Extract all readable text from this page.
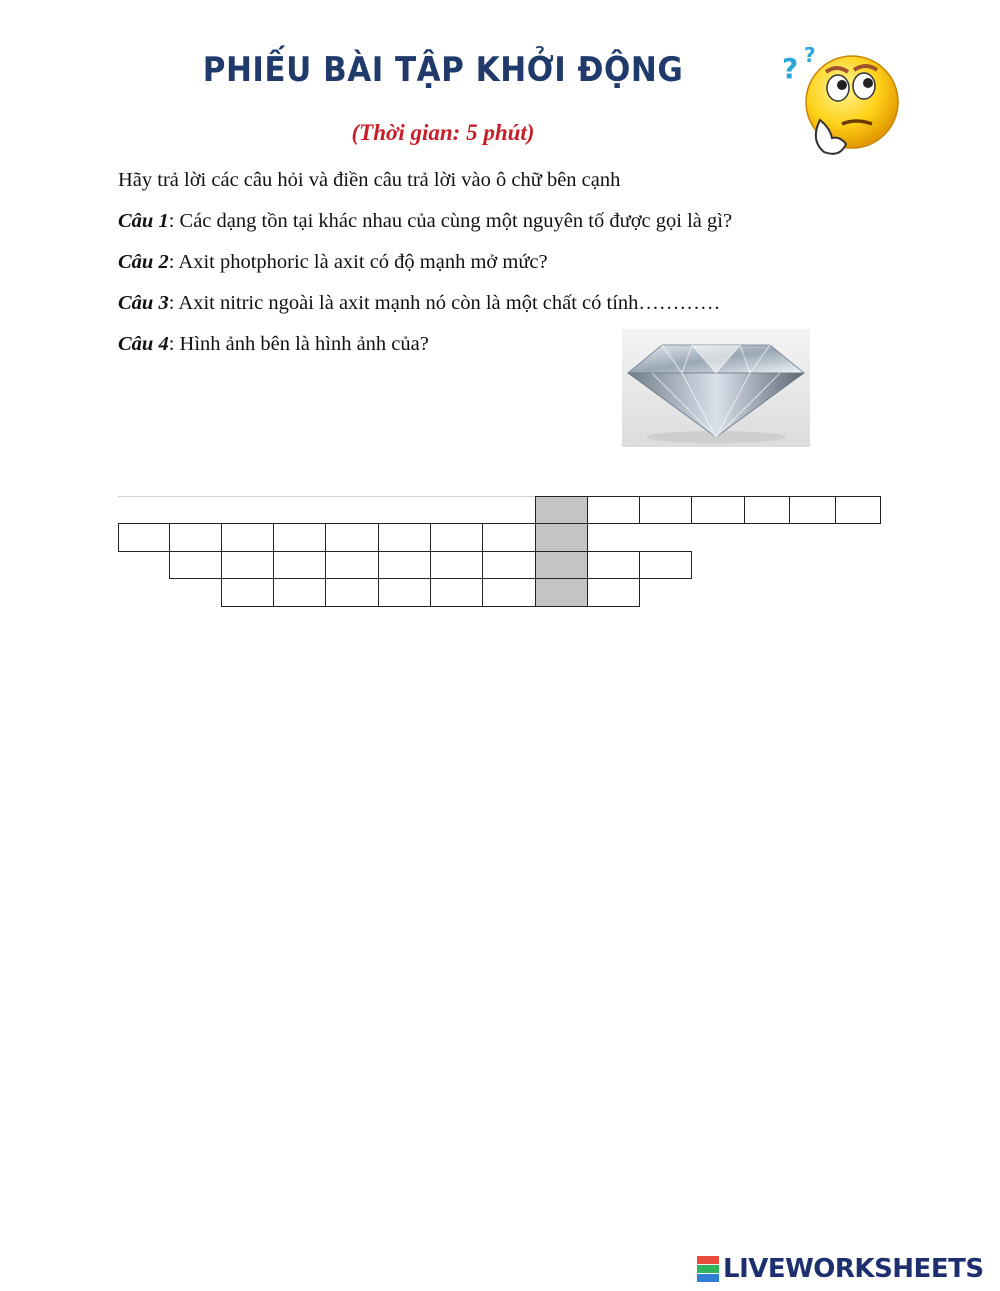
PHIẾU BÀI TẬP KHỞI ĐỘNG
(Thời gian: 5 phút)
? ?
Hãy trả lời các câu hỏi và điền câu trả lời vào ô chữ bên cạnh
Câu 1: Các dạng tồn tại khác nhau của cùng một nguyên tố được gọi là gì?
Câu 2: Axit photphoric là axit có độ mạnh mở mức?
Câu 3: Axit nitric ngoài là axit mạnh nó còn là một chất có tính…………
Câu 4: Hình ảnh bên là hình ảnh của?
LIVEWORKSHEETS
